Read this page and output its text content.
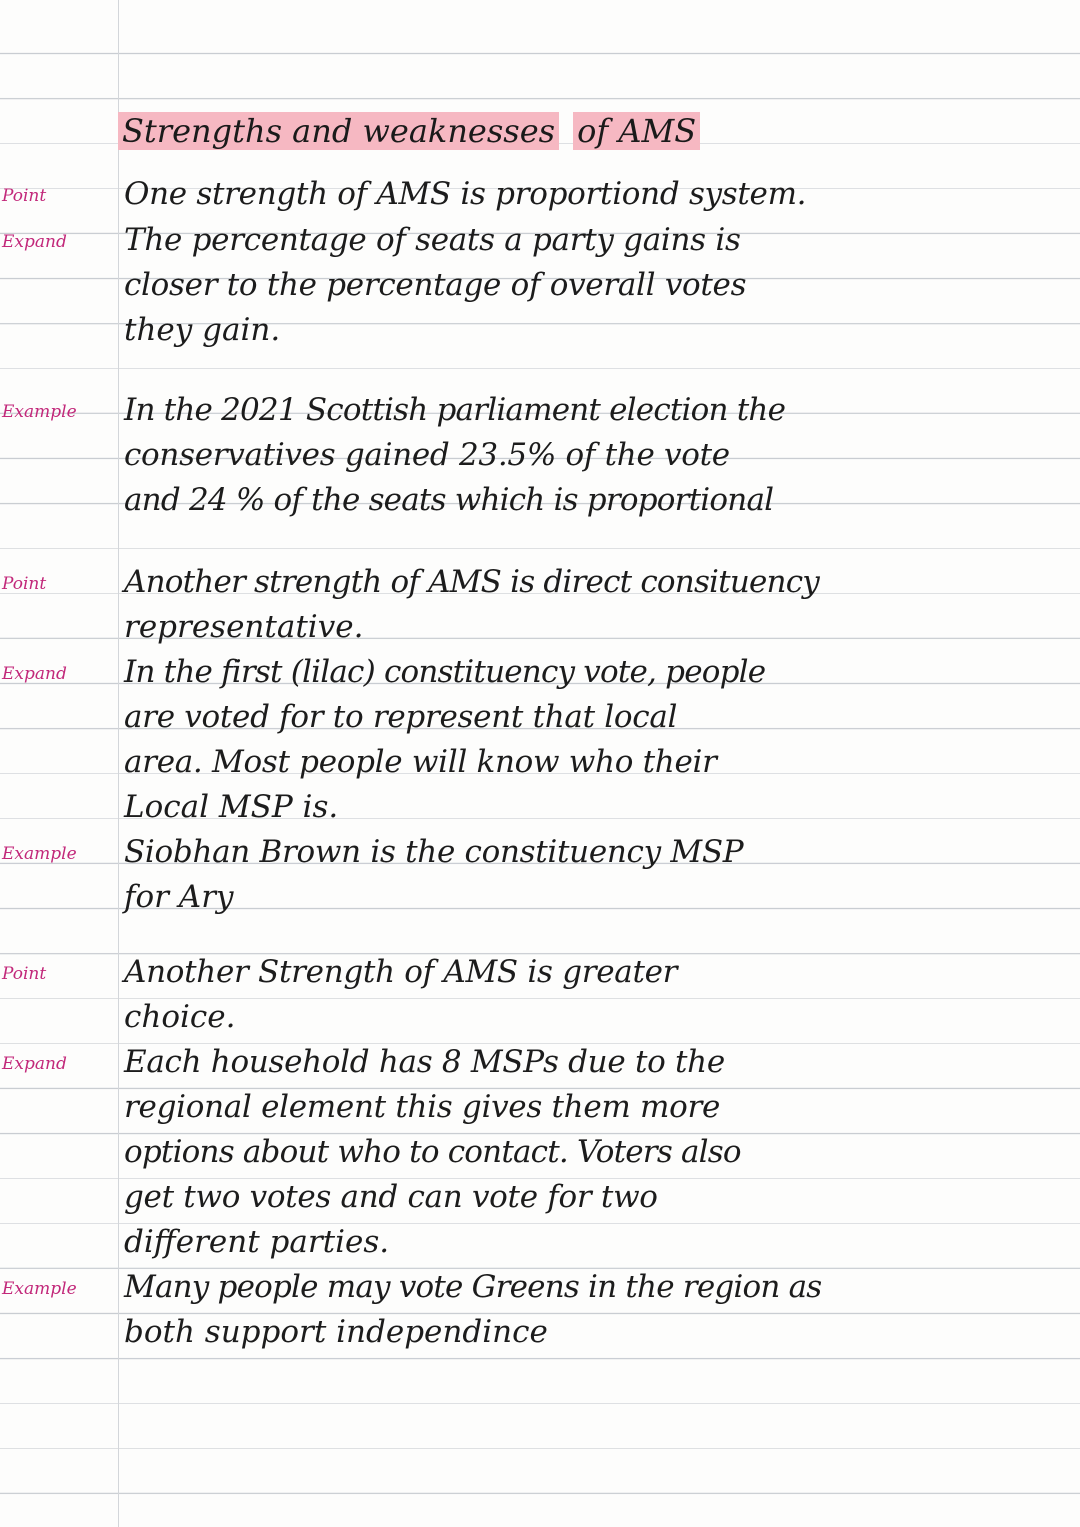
Strengths and weaknesses of AMS
Point	One strength of AMS is proportiond system.
Expand The percentage of seats a party gains is
closer to the percentage of overall votes
they gain.
Example In the 2021 Scottish parliament election the
conservatives gained 23.5% of the vote
and 24 % of the seats which is proportional
Point	Another strength of AMS is direct consituency
representative.
Expand In the first (lilac) constituency vote, people
are voted for to represent that local
area. Most people will know who their
Local MSP is.
Example Siobhan Brown is the constituency MSP
for Ary
Point	Another Strength of AMS is greater
choice.
Expand Each household has 8 MSPs due to the
regional element this gives them more
options about who to contact. Voters also
get two votes and can vote for two
different parties.
Example Many people may vote Greens in the region as
both support independince
